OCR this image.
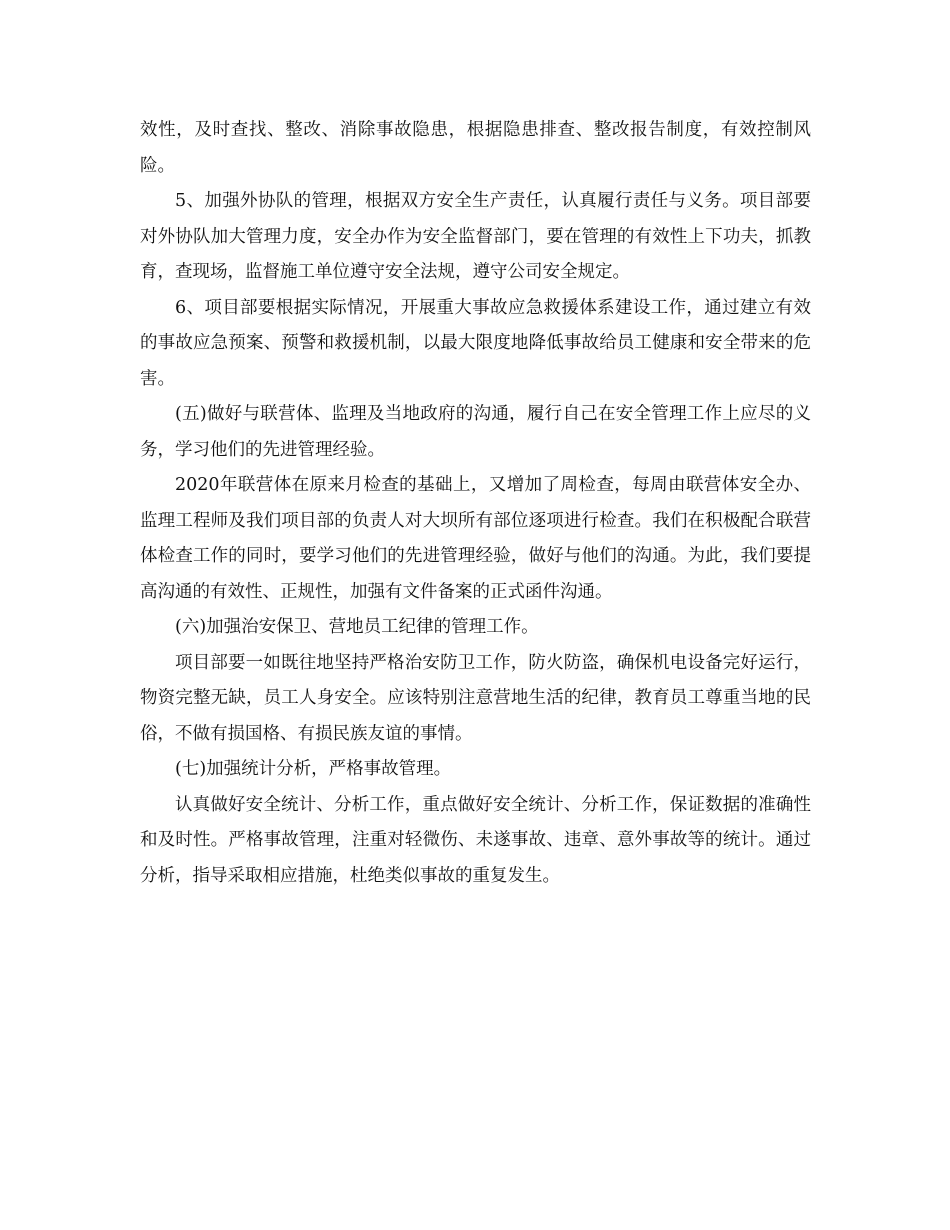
效性，及时查找、整改、消除事故隐患，根据隐患排查、整改报告制度，有效控制风险。

5、加强外协队的管理，根据双方安全生产责任，认真履行责任与义务。项目部要对外协队加大管理力度，安全办作为安全监督部门，要在管理的有效性上下功夫，抓教育，查现场，监督施工单位遵守安全法规，遵守公司安全规定。

6、项目部要根据实际情况，开展重大事故应急救援体系建设工作，通过建立有效的事故应急预案、预警和救援机制，以最大限度地降低事故给员工健康和安全带来的危害。

(五)做好与联营体、监理及当地政府的沟通，履行自己在安全管理工作上应尽的义务，学习他们的先进管理经验。

2020年联营体在原来月检查的基础上，又增加了周检查，每周由联营体安全办、监理工程师及我们项目部的负责人对大坝所有部位逐项进行检查。我们在积极配合联营体检查工作的同时，要学习他们的先进管理经验，做好与他们的沟通。为此，我们要提高沟通的有效性、正规性，加强有文件备案的正式函件沟通。

(六)加强治安保卫、营地员工纪律的管理工作。

项目部要一如既往地坚持严格治安防卫工作，防火防盗，确保机电设备完好运行，物资完整无缺，员工人身安全。应该特别注意营地生活的纪律，教育员工尊重当地的民俗，不做有损国格、有损民族友谊的事情。

(七)加强统计分析，严格事故管理。

认真做好安全统计、分析工作，重点做好安全统计、分析工作，保证数据的准确性和及时性。严格事故管理，注重对轻微伤、未遂事故、违章、意外事故等的统计。通过分析，指导采取相应措施，杜绝类似事故的重复发生。
